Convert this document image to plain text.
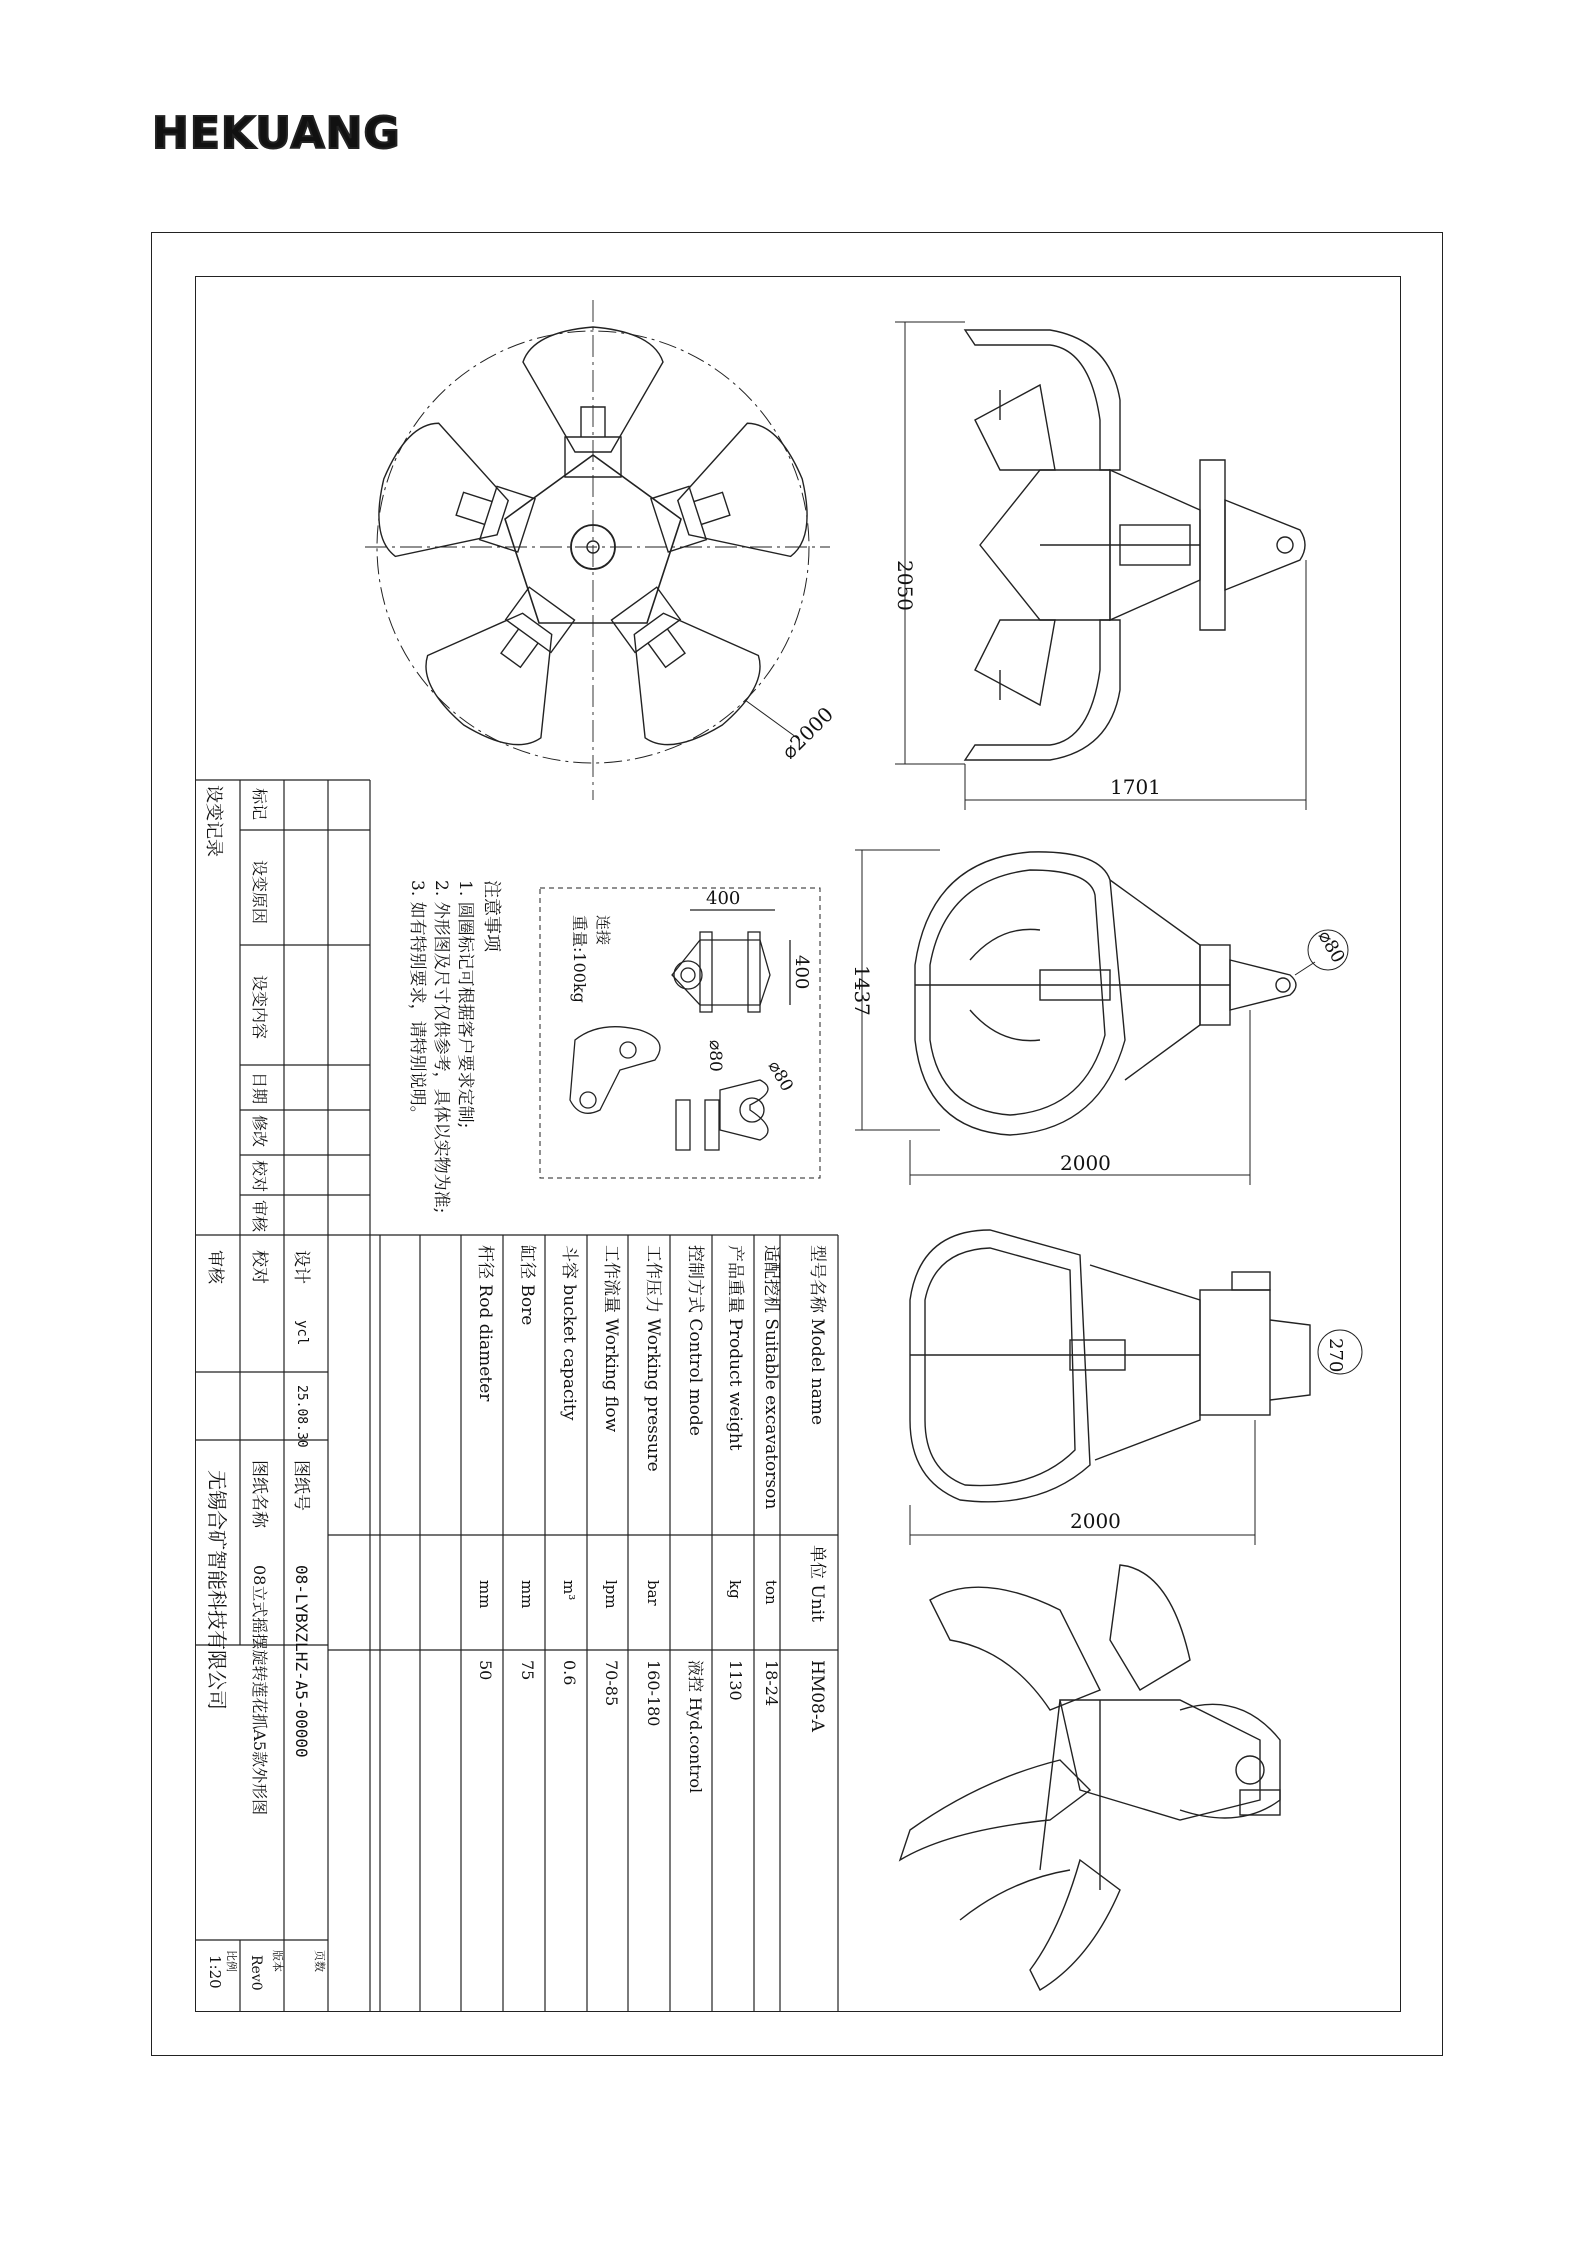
HEKUANG
⌀2000
2050
1701
1437
2000
⌀80
2000
270
400
400
⌀80
⌀80
连接
重量:100kg
注意事项
1. 圆圈标记可根据客户要求定制;
2. 外形图及尺寸仅供参考，具体以实物为准;
3. 如有特别要求，请特别说明。
设变记录 标记
设变原因
设变内容
日期
修改
校对
审核
型号名称 Model name
单位 Unit
HM08-A
适配挖机 Suitable excavatorson
ton
18-24
产品重量 Product weight
kg
1130
控制方式 Control mode
液控 Hyd.control
工作压力 Working pressure
bar
160-180
工作流量 Working flow
lpm
70-85
斗容 bucket capacity
m³
0.6
缸径 Bore
mm
75
杆径 Rod diameter
mm
50
设计
ycl
25.08.30
校对
审核
图纸号
08-LYBXZLHZ-A5-00000
图纸名称
08立式摇摆旋转莲花抓A5款外形图
无锡合矿智能科技有限公司
页数
版本
Rev0
比例
1:20
